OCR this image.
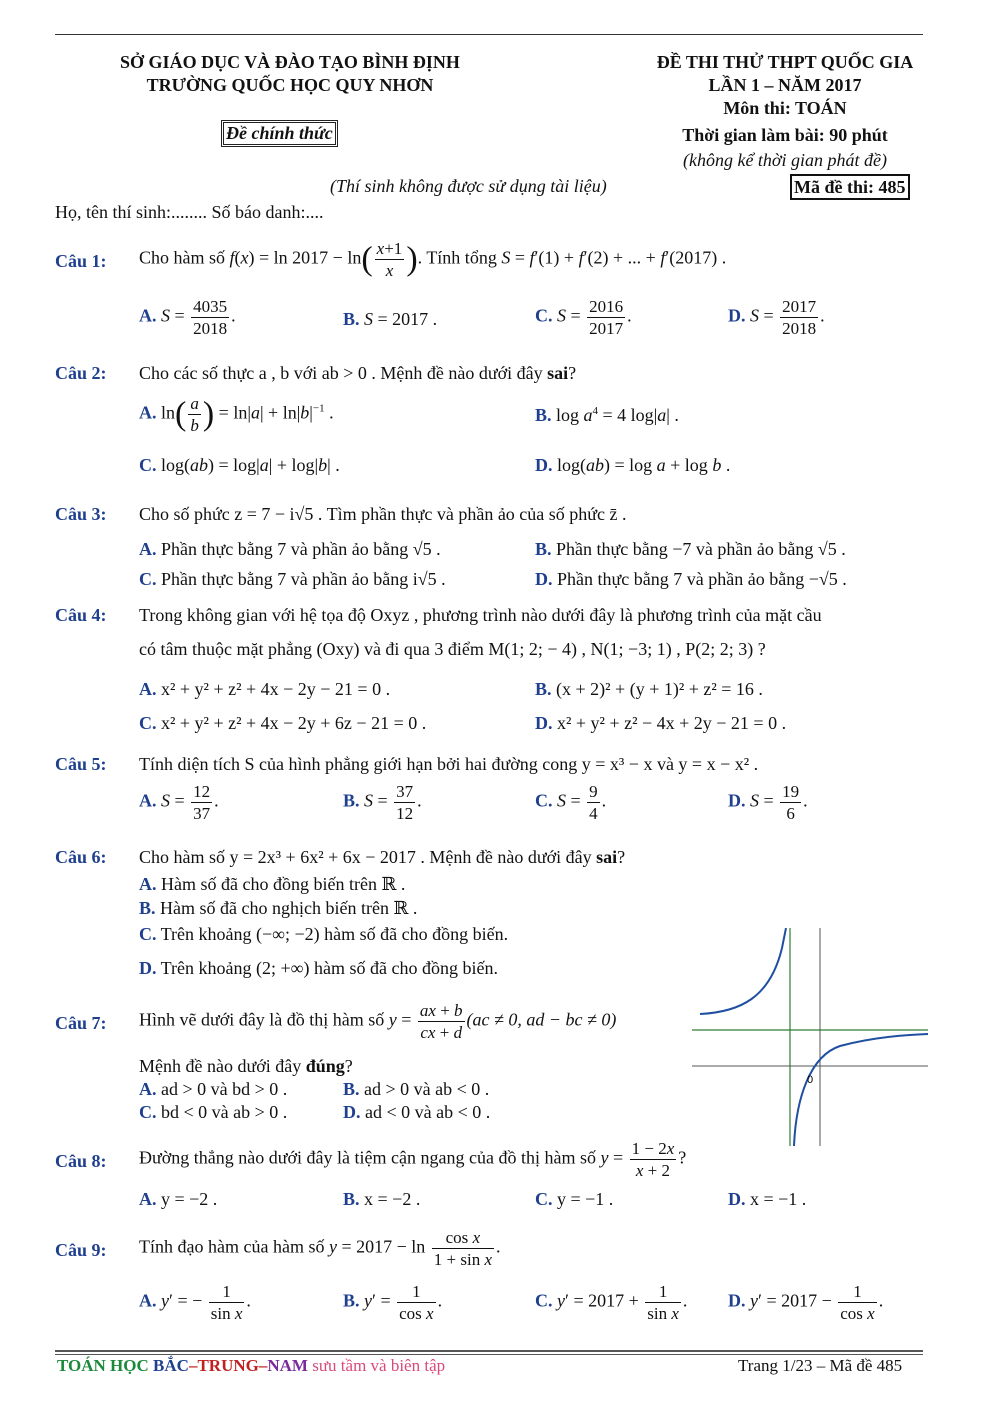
SỞ GIÁO DỤC VÀ ĐÀO TẠO BÌNH ĐỊNH
TRƯỜNG QUỐC HỌC QUY NHƠN
Đề chính thức
ĐỀ THI THỬ THPT QUỐC GIA
LẦN 1 – NĂM 2017
Môn thi: TOÁN
Thời gian làm bài: 90 phút
(không kể thời gian phát đề)
(Thí sinh không được sử dụng tài liệu)	Mã đề thi: 485
Họ, tên thí sinh:........ Số báo danh:....
Câu 1: Cho hàm số $f(x) = \ln 2017 - \ln( \frac{x+1}{x}$ ). Tính tổng S = f′(1) + f′(2) + ... + f′(2017) .
A. $S = \frac{4035}{2018}$ .	B. S = 2017 .	C. $S = \frac{2016}{2017}$ .	D. $S = \frac{2017}{2018}$ .
Câu 2: Cho các số thực a , b với ab > 0 . Mệnh đề nào dưới đây sai?
A. $\ln( \frac{a}{b}$ ) = $\ln|a| + \ln|b|^{-1}$ .	B. $\log a^4 = 4$ log|a| .
C. log(ab) = log|a| + log|b| .	D. log(ab) = log a + log b .
Câu 3: Cho số phức z = 7 − i√5 . Tìm phần thực và phần ảo của số phức z̄ .
A. Phần thực bằng 7 và phần ảo bằng √5 .	B. Phần thực bằng −7 và phần ảo bằng √5 .
C. Phần thực bằng 7 và phần ảo bằng i√5 .	D. Phần thực bằng 7 và phần ảo bằng −√5 .
Câu 4: Trong không gian với hệ tọa độ Oxyz , phương trình nào dưới đây là phương trình của mặt cầu
có tâm thuộc mặt phẳng (Oxy) và đi qua 3 điểm M(1; 2; − 4) , N(1; −3; 1) , P(2; 2; 3) ?
A. x² + y² + z² + 4x − 2y − 21 = 0 .	B. (x + 2)² + (y + 1)² + z² = 16 .
C. x² + y² + z² + 4x − 2y + 6z − 21 = 0 .	D. x² + y² + z² − 4x + 2y − 21 = 0 .
Câu 5: Tính diện tích S của hình phẳng giới hạn bởi hai đường cong y = x³ − x và y = x − x² .
A. $S = \frac{12}{37}$ .	B. $S = \frac{37}{12}$ .	C. $S = \frac{9}{4}$ .	D. $S = \frac{19}{6}$ .
Câu 6: Cho hàm số y = 2x³ + 6x² + 6x − 2017 . Mệnh đề nào dưới đây sai?
A. Hàm số đã cho đồng biến trên ℝ .
B. Hàm số đã cho nghịch biến trên ℝ .
C. Trên khoảng (−∞; −2) hàm số đã cho đồng biến.
D. Trên khoảng (2; +∞) hàm số đã cho đồng biến.
0
Câu 7: Hình vẽ dưới đây là đồ thị hàm số $y = \frac{ax + b}{cx + d} (ac \ne 0$, ad − bc ≠ 0)
Mệnh đề nào dưới đây đúng?
A. ad > 0 và bd > 0 .	B. ad > 0 và ab < 0 .
C. bd < 0 và ab > 0 .	D. ad < 0 và ab < 0 .
Câu 8: Đường thẳng nào dưới đây là tiệm cận ngang của đồ thị hàm số $y = \frac{1 - 2x}{x + 2}$ ?
A. y = −2 .	B. x = −2 .	C. y = −1 .	D. x = −1 .
Câu 9: Tính đạo hàm của hàm số $y = 2017 - \ln \frac{\text{cos x}}{\text{1 + sin x}}$ .
A. y′ = − $\frac{1}{\text{sin x}}$ .	B. $y' = \frac{1}{\text{cos x}}$ .	C. $y' = 2017 + \frac{1}{\text{sin x}}$ . D. $y' = 2017 - \frac{1}{\text{cos x}}$ .
TOÁN HỌC BẮC–TRUNG–NAM sưu tầm và biên tập	Trang 1/23 – Mã đề 485
